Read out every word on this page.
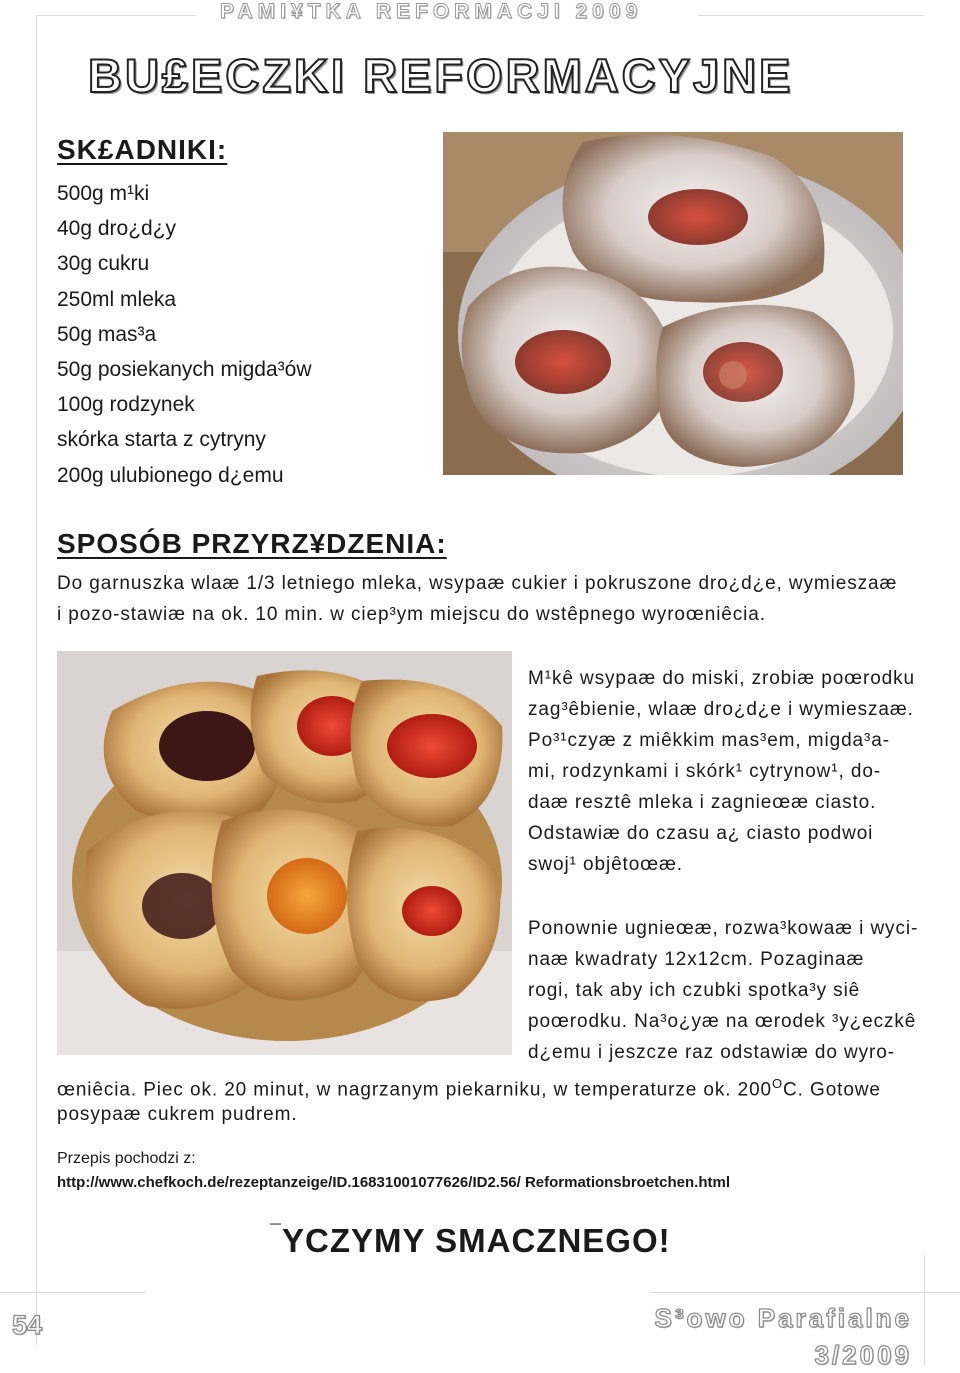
PAMI¥TKA REFORMACJI 2009
BU£ECZKI REFORMACYJNE
SK£ADNIKI:
500g m¹ki
40g dro¿d¿y
30g cukru
250ml mleka
50g mas³a
50g posiekanych migda³ów
100g rodzynek
skórka starta z cytryny
200g ulubionego d¿emu
SPOSÓB PRZYRZ¥DZENIA:
Do garnuszka wlaæ 1/3 letniego mleka, wsypaæ cukier i pokruszone dro¿d¿e, wymieszaæ
i pozo-stawiæ na ok. 10 min. w ciep³ym miejscu do wstêpnego wyroœniêcia.
M¹kê wsypaæ do miski, zrobiæ poœrodku
zag³êbienie, wlaæ dro¿d¿e i wymieszaæ.
Po³¹czyæ z miêkkim mas³em, migda³a-
mi, rodzynkami i skórk¹ cytrynow¹, do-
daæ resztê mleka i zagnieœæ ciasto.
Odstawiæ do czasu a¿ ciasto podwoi
swoj¹ objêtoœæ.
Ponownie ugnieœæ, rozwa³kowaæ i wyci-
naæ kwadraty 12x12cm. Pozaginaæ
rogi, tak aby ich czubki spotka³y siê
poœrodku. Na³o¿yæ na œrodek ³y¿eczkê
d¿emu i jeszcze raz odstawiæ do wyro-
œniêcia. Piec ok. 20 minut, w nagrzanym piekarniku, w temperaturze ok. $200^OC$. Gotowe
posypaæ cukrem pudrem.
Przepis pochodzi z:
http://www.chefkoch.de/rezeptanzeige/ID.16831001077626/ID2.56/ Reformationsbroetchen.html
¯YCZYMY SMACZNEGO!
54	S³owo Parafialne
3/2009
